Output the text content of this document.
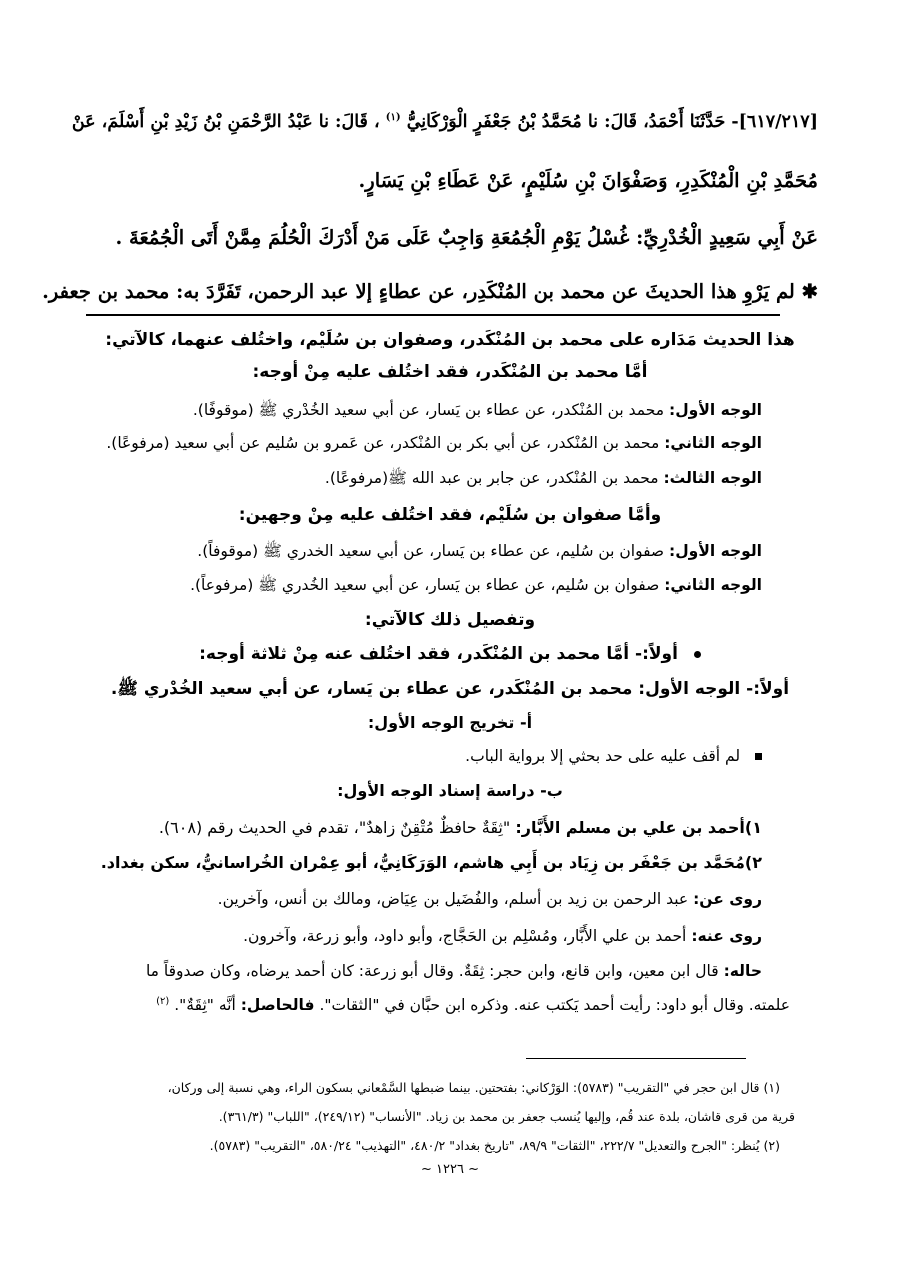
[٦١٧/٢١٧]- حَدَّثَنَا أَحْمَدُ، قَالَ: نا مُحَمَّدُ بْنُ جَعْفَرٍ الْوَرْكَانِيُّ $^{(١)}$ ، قَالَ: نا عَبْدُ الرَّحْمَنِ بْنُ زَيْدِ بْنِ أَسْلَمَ، عَنْ
مُحَمَّدِ بْنِ الْمُنْكَدِرِ، وَصَفْوَانَ بْنِ سُلَيْمٍ، عَنْ عَطَاءِ بْنِ يَسَارٍ.
عَنْ أَبِي سَعِيدٍ الْخُدْرِيِّ: غُسْلُ يَوْمِ الْجُمُعَةِ وَاجِبٌ عَلَى مَنْ أَدْرَكَ الْحُلُمَ مِمَّنْ أَتَى الْجُمُعَةَ .
✱ لم يَرْوِ هذا الحديثَ عن محمد بن المُنْكَدِر، عن عطاءٍ إلا عبد الرحمن، تَفَرَّدَ به: محمد بن جعفر.
هذا الحديث مَدَاره على محمد بن المُنْكَدر، وصفوان بن سُلَيْم، واختُلف عنهما، كالآتي:
أمَّا محمد بن المُنْكَدر، فقد اختُلف عليه مِنْ أوجه:
الوجه الأول: محمد بن المُنْكدر، عن عطاء بن يَسار، عن أبي سعيد الخُدْري ﷺ (موقوفًا).
الوجه الثاني: محمد بن المُنْكدر، عن أبي بكر بن المُنْكدر، عن عَمرو بن سُليم عن أبي سعيد (مرفوعًا).
الوجه الثالث: محمد بن المُنْكدر، عن جابر بن عبد الله ﷺ(مرفوعًا).
وأمَّا صفوان بن سُلَيْم، فقد اختُلف عليه مِنْ وجهين:
الوجه الأول: صفوان بن سُليم، عن عطاء بن يَسار، عن أبي سعيد الخدري ﷺ (موقوفاً).
الوجه الثاني: صفوان بن سُليم، عن عطاء بن يَسار، عن أبي سعيد الخُدري ﷺ (مرفوعاً).
وتفصيل ذلك كالآتي:
أولاً:- أمَّا محمد بن المُنْكَدر، فقد اختُلف عنه مِنْ ثلاثة أوجه:
أولاً:- الوجه الأول: محمد بن المُنْكَدر، عن عطاء بن يَسار، عن أبي سعيد الخُدْري ﷺ.
أ- تخريج الوجه الأول:
لم أقف عليه على حد بحثي إلا برواية الباب.
ب- دراسة إسناد الوجه الأول:
١)أحمد بن علي بن مسلم الأَبَّار: "ثِقَةٌ حافظٌ مُتْقِنٌ زاهدٌ"، تقدم في الحديث رقم (٦٠٨).
٢)مُحَمَّد بن جَعْفَر بن زِيَاد بن أَبِي هاشم، الوَرَكَانِيُّ، أبو عِمْران الخُراسانيُّ، سكن بغداد.
روى عن: عبد الرحمن بن زيد بن أسلم، والفُضَيل بن عِيَاض، ومالك بن أنس، وآخرين.
روى عنه: أحمد بن علي الأَبَّار، ومُسْلِم بن الحَجَّاج، وأبو داود، وأبو زرعة، وآخرون.
حاله: قال ابن معين، وابن قانع، وابن حجر: ثِقَةٌ. وقال أبو زرعة: كان أحمد يرضاه، وكان صدوقاً ما
علمته. وقال أبو داود: رأيت أحمد يَكتب عنه. وذكره ابن حبَّان في "الثقات". فالحاصل: أنَّه "ثِقَةٌ". $^{(٢)}$
(١) قال ابن حجر في "التقريب" (٥٧٨٣): الوَرْكاني: بفتحتين. بينما ضبطها السَّمْعاني بسكون الراء، وهي نسبة إلى وركان،
قرية من قرى قاشان، بلدة عند قُم، وإليها يُنسب جعفر بن محمد بن زياد. "الأنساب" (٢٤٩/١٢)، "اللباب" (٣٦١/٣).
(٢) يُنظر: "الجرح والتعديل" ٢٢٢/٧، "الثقات" ٨٩/٩، "تاريخ بغداد" ٤٨٠/٢، "التهذيب" ٥٨٠/٢٤، "التقريب" (٥٧٨٣).
~ ١٢٢٦ ~
